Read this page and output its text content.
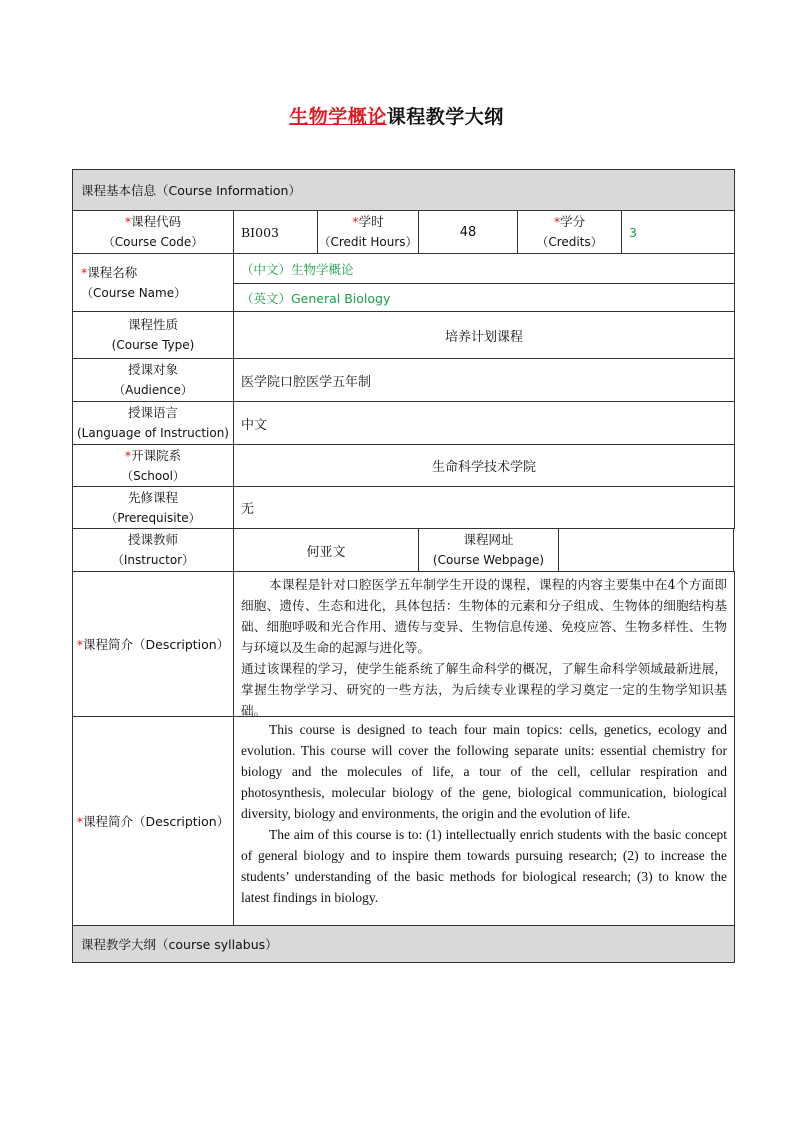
生物学概论课程教学大纲
课程基本信息（Course Information）
*课程代码
（Course Code）
BI003
*学时
（Credit Hours）
48
*学分
（Credits）
3
*课程名称
（Course Name）
（中文）生物学概论
（英文）General Biology
课程性质
(Course Type)
培养计划课程
授课对象
（Audience）
医学院口腔医学五年制
授课语言
(Language of Instruction)
中文
*开课院系
（School）
生命科学技术学院
先修课程
（Prerequisite）
无
授课教师
（Instructor）
何亚文
课程网址
(Course Webpage)
*课程简介（Description）

本课程是针对口腔医学五年制学生开设的课程，课程的内容主要集中在4个方面即细胞、遗传、生态和进化，具体包括：生物体的元素和分子组成、生物体的细胞结构基础、细胞呼吸和光合作用、遗传与变异、生物信息传递、免疫应答、生物多样性、生物与环境以及生命的起源与进化等。

通过该课程的学习，使学生能系统了解生命科学的概况，了解生命科学领域最新进展，掌握生物学学习、研究的一些方法，为后续专业课程的学习奠定一定的生物学知识基础。

*课程简介（Description）

This course is designed to teach four main topics: cells, genetics, ecology and evolution. This course will cover the following separate units: essential chemistry for biology and the molecules of life, a tour of the cell, cellular respiration and photosynthesis, molecular biology of the gene, biological communication, biological diversity, biology and environments, the origin and the evolution of life.

The aim of this course is to: (1) intellectually enrich students with the basic concept of general biology and to inspire them towards pursuing research; (2) to increase the students’ understanding of the basic methods for biological research; (3) to know the latest findings in biology.

课程教学大纲（course syllabus）
